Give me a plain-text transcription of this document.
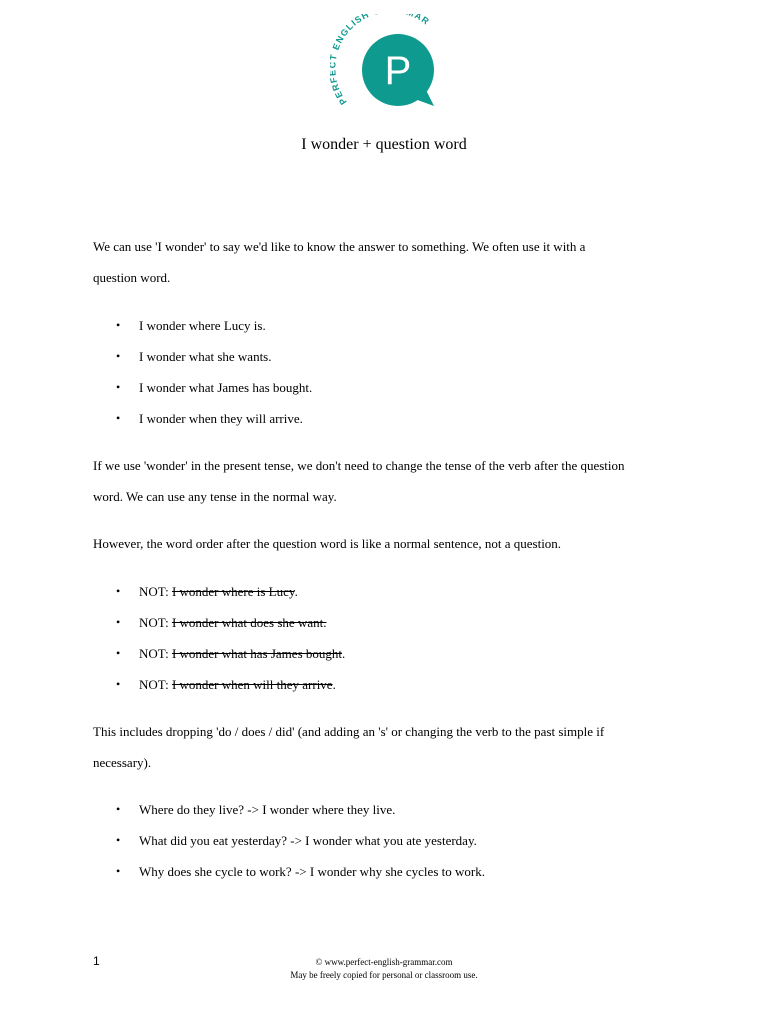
PER ENGLISH AR
P
I wonder + question word

We can use 'I wonder' to say we'd like to know the answer to something. We often use it with a
question word.

• I wonder where Lucy is.
• I wonder what she wants.
• I wonder what James has bought.
• I wonder when they will arrive.

If we use 'wonder' in the present tense, we don't need to change the tense of the verb after the question
word. We can use any tense in the normal way.

However, the word order after the question word is like a normal sentence, not a question.

• NOT: I wonder where is Lucy.
• NOT: I wonder what does she want.
• NOT: I wonder what has James bought.
• NOT: I wonder when will they arrive.

This includes dropping 'do / does / did' (and adding an 's' or changing the verb to the past simple if
necessary).

• Where do they live? -> I wonder where they live.
• What did you eat yesterday? -> I wonder what you ate yesterday.
• Why does she cycle to work? -> I wonder why she cycles to work.
1	© www.perfect-english-grammar.com
May be freely copied for personal or classroom use.
